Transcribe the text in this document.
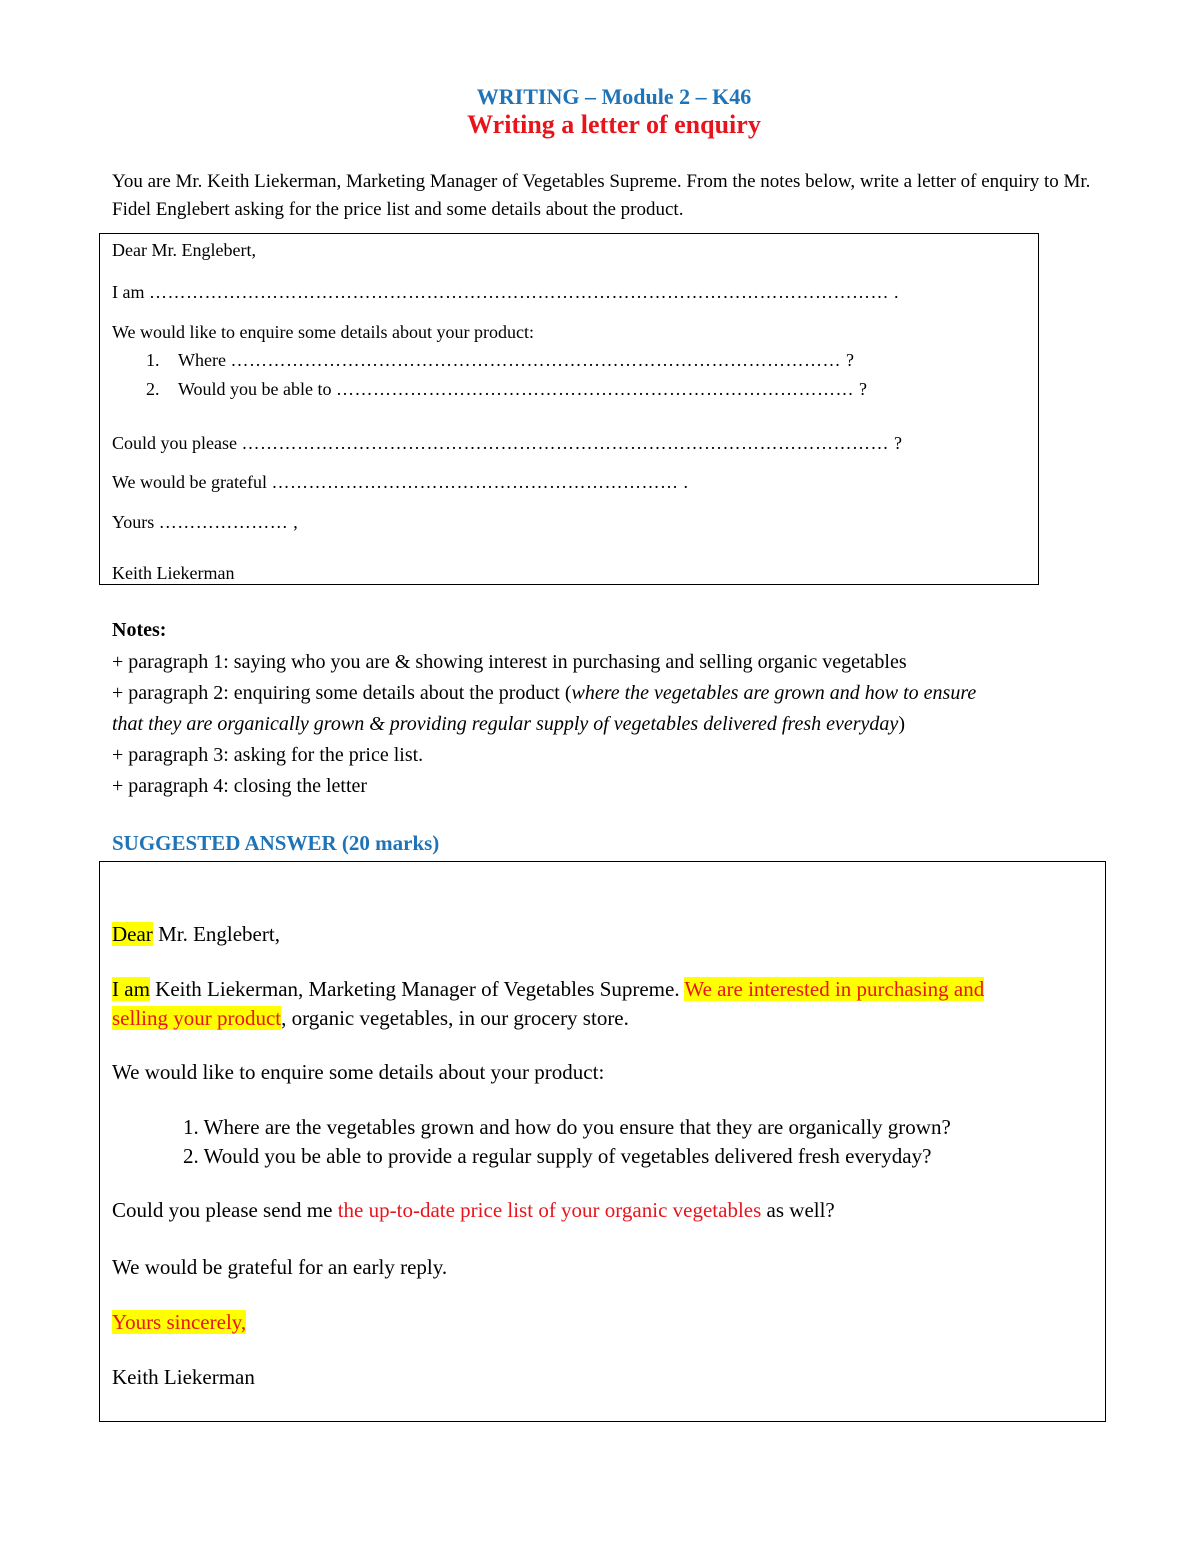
WRITING – Module 2 – K46
Writing a letter of enquiry
You are Mr. Keith Liekerman, Marketing Manager of Vegetables Supreme. From the notes below, write a letter of enquiry to Mr. Fidel Englebert asking for the price list and some details about the product.
Dear Mr. Englebert,
I am ………………………………………………………………………………………………………… .
We would like to enquire some details about your product:
1. Where ……………………………………………………………………………………… ?
2. Would you be able to ………………………………………………………………………… ?
Could you please …………………………………………………………………………………………… ?
We would be grateful ………………………………………………………… .
Yours ………………… ,
Keith Liekerman
Notes:
+ paragraph 1: saying who you are & showing interest in purchasing and selling organic vegetables
+ paragraph 2: enquiring some details about the product (where the vegetables are grown and how to ensure
that they are organically grown & providing regular supply of vegetables delivered fresh everyday)
+ paragraph 3: asking for the price list.
+ paragraph 4: closing the letter
SUGGESTED ANSWER (20 marks)
Dear Mr. Englebert,
I am Keith Liekerman, Marketing Manager of Vegetables Supreme. We are interested in purchasing and
selling your product, organic vegetables, in our grocery store.
We would like to enquire some details about your product:
1. Where are the vegetables grown and how do you ensure that they are organically grown?
2. Would you be able to provide a regular supply of vegetables delivered fresh everyday?
Could you please send me the up-to-date price list of your organic vegetables as well?
We would be grateful for an early reply.
Yours sincerely,
Keith Liekerman
